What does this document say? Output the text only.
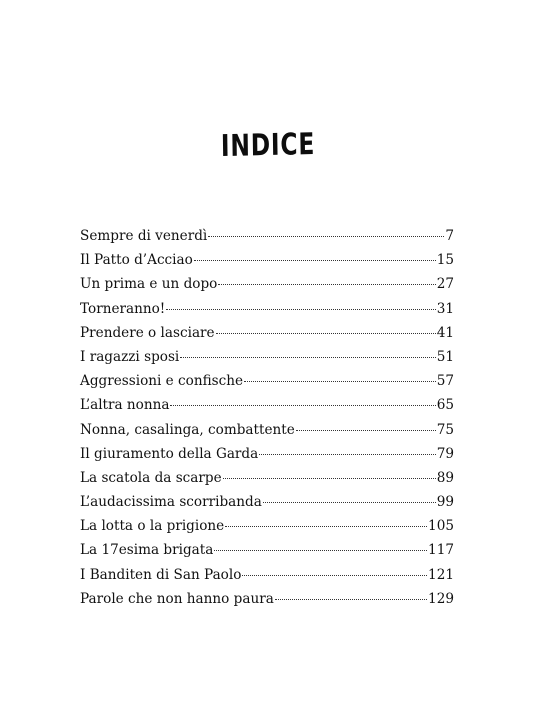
INDICE
Sempre di venerdì	7
Il Patto d’Acciao	15
Un prima e un dopo	27
Torneranno!	31
Prendere o lasciare	41
I ragazzi sposi	51
Aggressioni e confische	57
L’altra nonna	65
Nonna, casalinga, combattente	75
Il giuramento della Garda	79
La scatola da scarpe	89
L’audacissima scorribanda	99
La lotta o la prigione	105
La 17esima brigata	117
I Banditen di San Paolo	121
Parole che non hanno paura	129
